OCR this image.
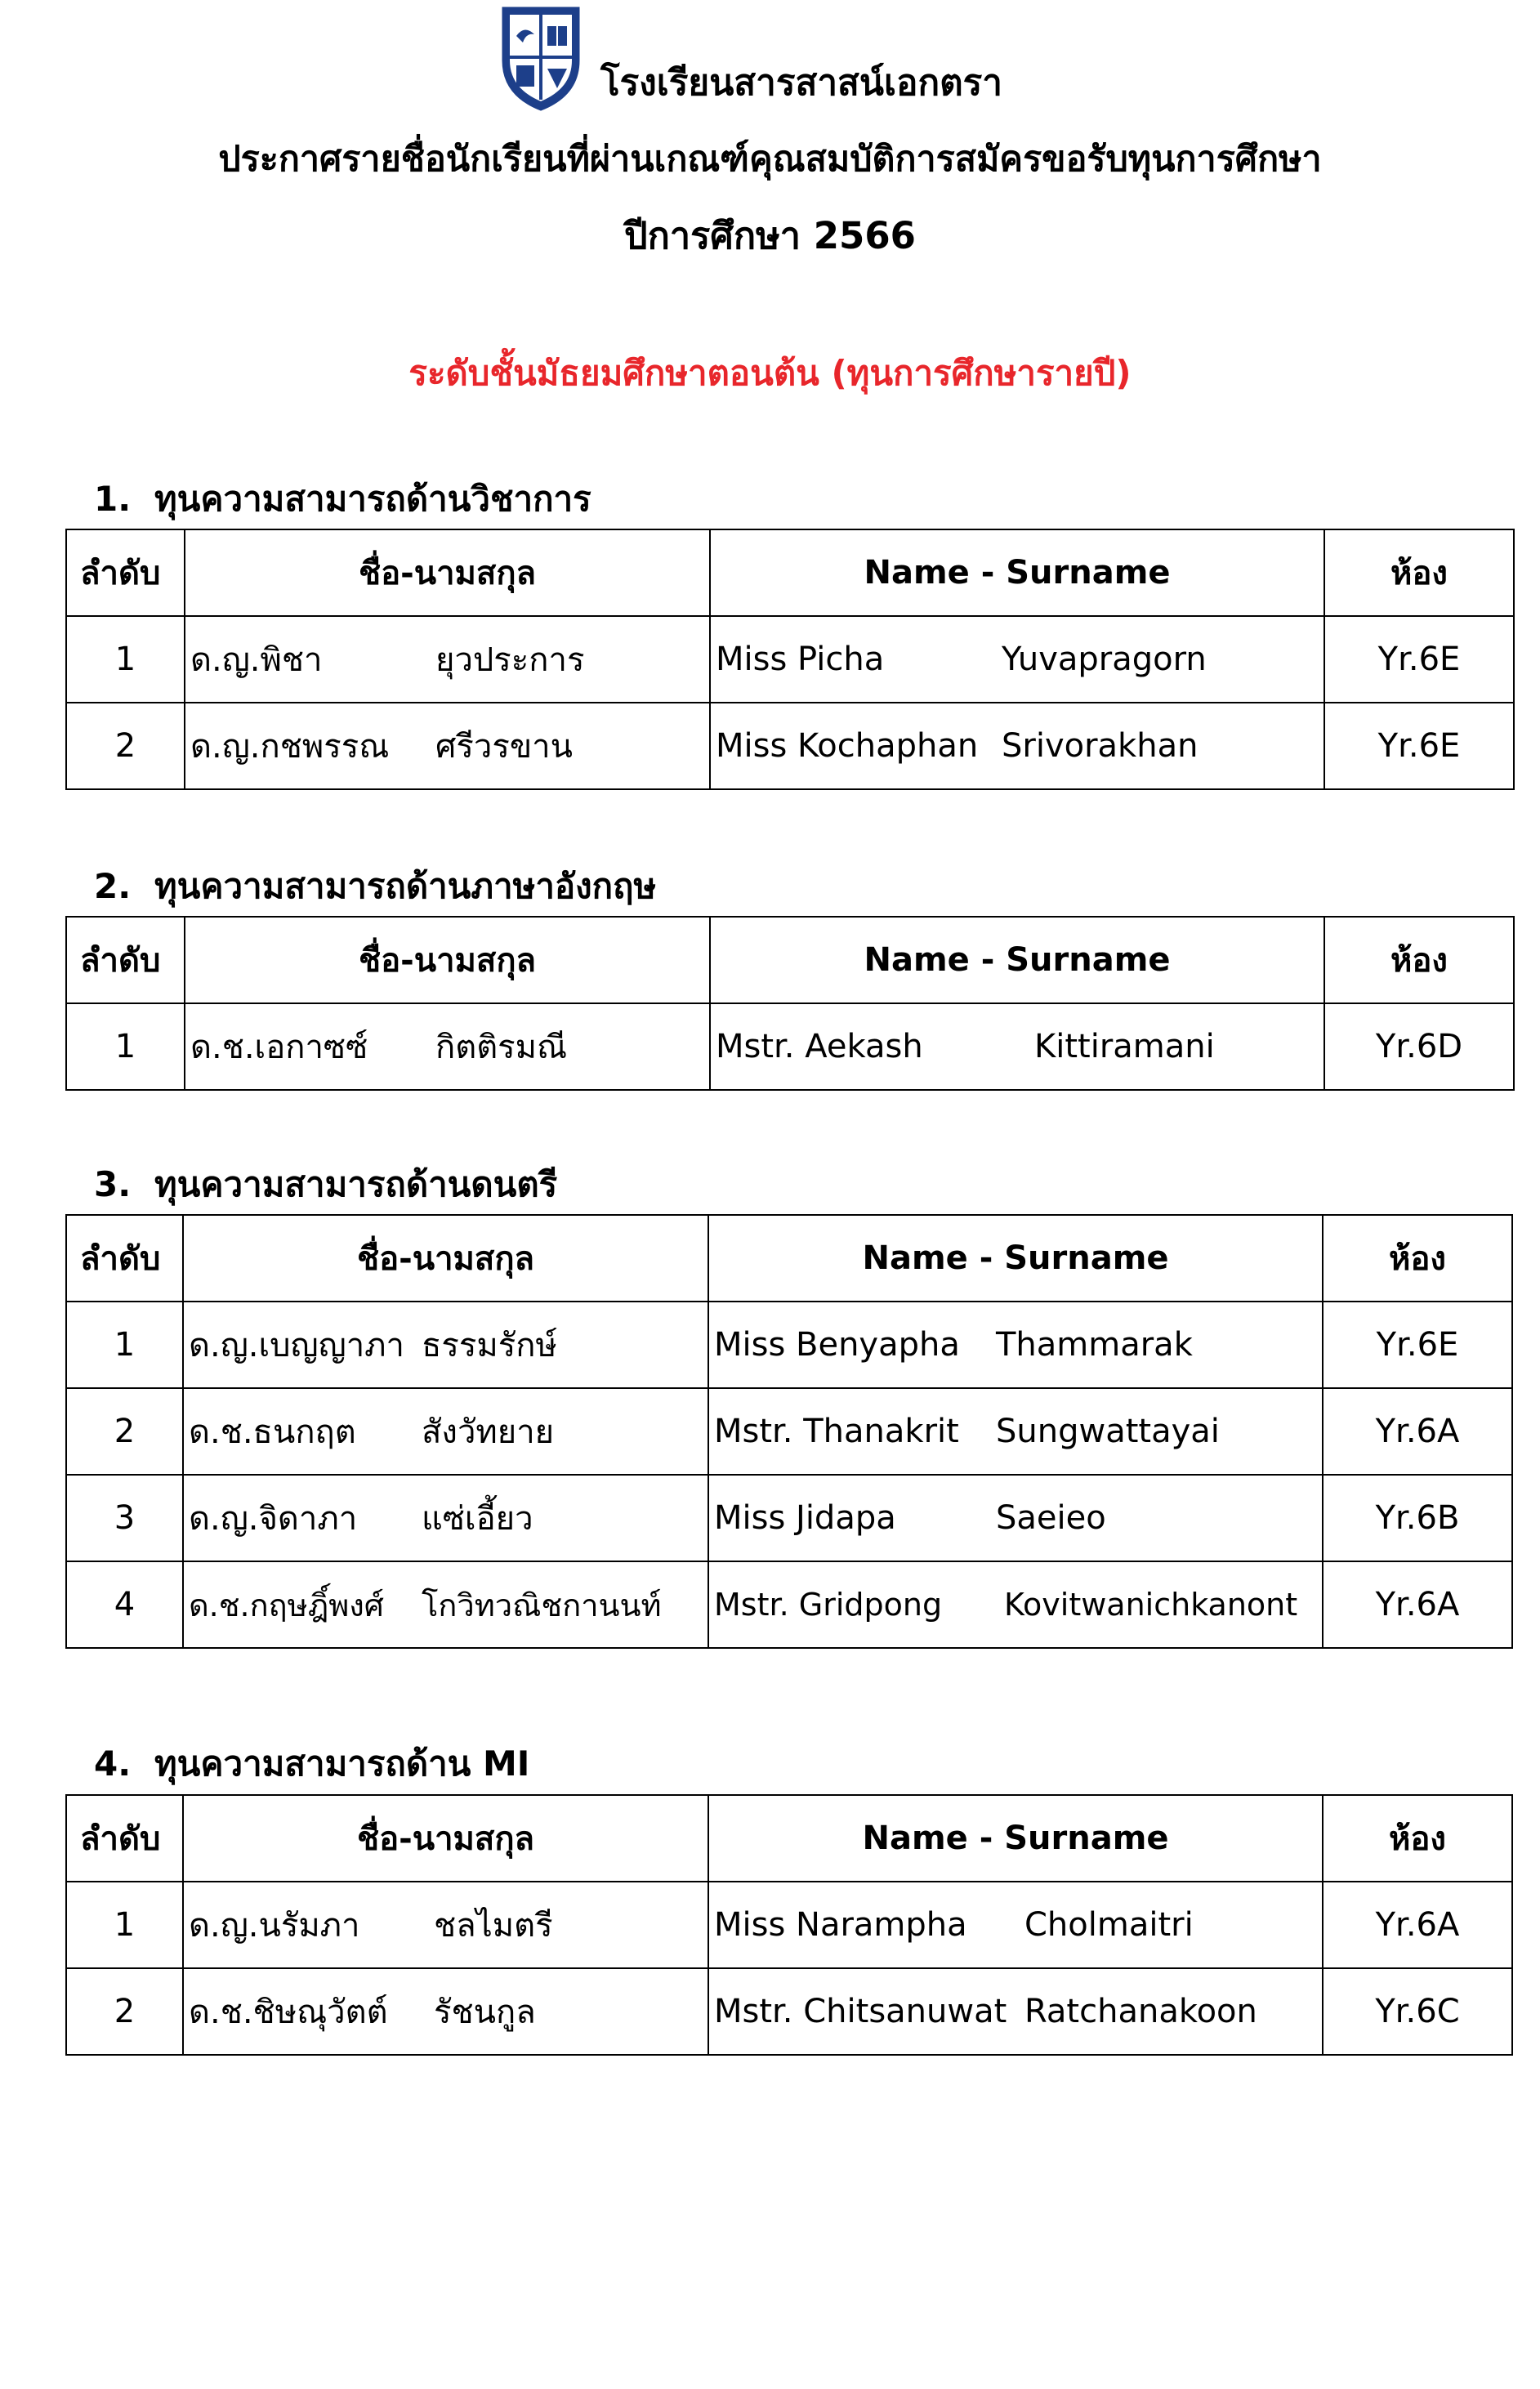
โรงเรียนสารสาสน์เอกตรา
ประกาศรายชื่อนักเรียนที่ผ่านเกณฑ์คุณสมบัติการสมัครขอรับทุนการศึกษา
ปีการศึกษา 2566
ระดับชั้นมัธยมศึกษาตอนต้น (ทุนการศึกษารายปี)
1. ทุนความสามารถด้านวิชาการ
ลำดับ	ชื่อ-นามสกุล	Name - Surname	ห้อง
1	ด.ญ.พิชา ยุวประการ	Miss Picha Yuvapragorn	Yr.6E
2	ด.ญ.กชพรรณ ศรีวรขาน	Miss Kochaphan Srivorakhan	Yr.6E
2. ทุนความสามารถด้านภาษาอังกฤษ
ลำดับ	ชื่อ-นามสกุล	Name - Surname	ห้อง
1	ด.ช.เอกาซซ์ กิตติรมณี	Mstr. Aekash Kittiramani	Yr.6D
3. ทุนความสามารถด้านดนตรี
ลำดับ	ชื่อ-นามสกุล	Name - Surname	ห้อง
1	ด.ญ.เบญญาภา ธรรมรักษ์	Miss Benyapha Thammarak	Yr.6E
2	ด.ช.ธนกฤต สังวัทยาย	Mstr. Thanakrit Sungwattayai	Yr.6A
3	ด.ญ.จิดาภา แซ่เอี้ยว	Miss Jidapa Saeieo	Yr.6B
4	ด.ช.กฤษฎิ์พงศ์ โกวิทวณิชกานนท์	Mstr. Gridpong Kovitwanichkanont	Yr.6A
4. ทุนความสามารถด้าน MI
ลำดับ	ชื่อ-นามสกุล	Name - Surname	ห้อง
1	ด.ญ.นรัมภา ชลไมตรี	Miss Narampha Cholmaitri	Yr.6A
2	ด.ช.ชิษณุวัตต์ รัชนกูล	Mstr. Chitsanuwat Ratchanakoon	Yr.6C
